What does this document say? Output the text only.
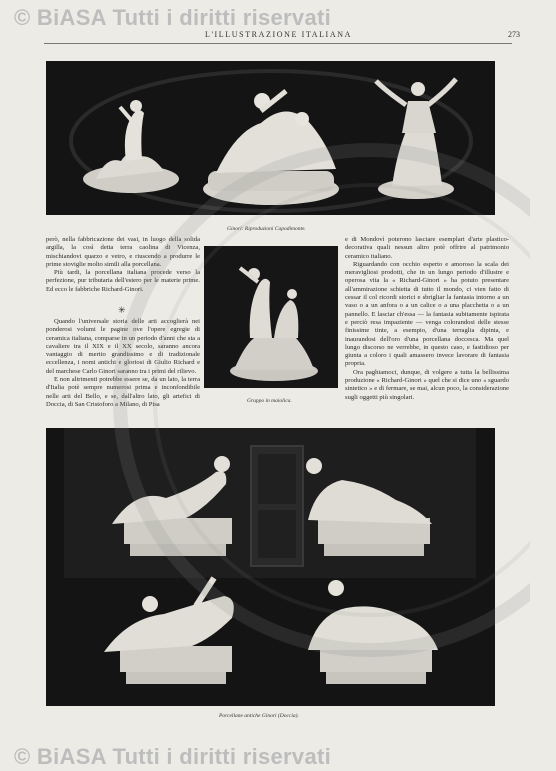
© BiASA Tutti i diritti riservati
L'ILLUSTRAZIONE ITALIANA	273
Ginori: Riproduzioni Capodimonte.

però, nella fabbricazione dei vasi, in luogo della solida argilla, la così detta terra caolina di Vicenza, mischiandovi quarzo e vetro, e riuscendo a produrre le prime stoviglie molto simili alla porcellana.

Più tardi, la porcellana italiana procede verso la perfezione, pur tributaria dell'estero per le materie prime. Ed ecco le fabbriche Richard-Ginori.

✳

Quando l'universale storia delle arti accoglierà nei ponderosi volumi le pagine ove l'opere egregie di ceramica italiana, comparse in un periodo d'anni che sta a cavaliere tra il XIX e il XX secolo, saranno ancora vantaggio di merito grandissimo e di tradizionale eccellenza, i nomi antichi e gloriosi di Giulio Richard e del marchese Carlo Ginori saranno tra i primi del rilievo.

E non altrimenti potrebbe essere se, da un lato, la terra d'Italia potè sempre numerosi prima e inconfondibile nelle arti del Bello, e se, dall'altro lato, gli artefici di Doccia, di San Cristoforo a Milano, di Pisa	Gruppo in maiolica.

e di Mondovì poterono lasciare esemplari d'arte plastico-decorativa quali nessun altro potè offrire al patrimonio ceramico italiano.

Riguardando con occhio esperto e amoroso la scala dei meravigliosi prodotti, che in un lungo periodo d'illustre e operosa vita la « Richard-Ginori » ha potuto presentare all'ammirazione schietta di tutto il mondo, ci vien fatto di cessar il col ricordi storici e sbrigliar la fantasia intorno a un vaso o a un anfora o a un calice o a una placchetta o a un pannello. E lasciar ch'essa — la fantasia subitamente ispirata e perciò resa impaziente — venga colorandosi delle stesse finissime tinte, a esempio, d'una terraglia dipinta, e inaurandosi dell'oro d'una porcellana doccesca. Ma quel lungo discorso ne verrebbe, in questo caso, e fastidioso per giunta a coloro i quali amassero invece lavorare di fantasia propria.

Ora paghiamoci, dunque, di volgere a tutta la bellissima produzione « Richard-Ginori » quel che si dice uno « sguardo sintetico » e di fermare, se mai, alcun poco, la considerazione sugli oggetti più singolari.

Porcellane antiche Ginori (Doccia).
© BiASA Tutti i diritti riservati
